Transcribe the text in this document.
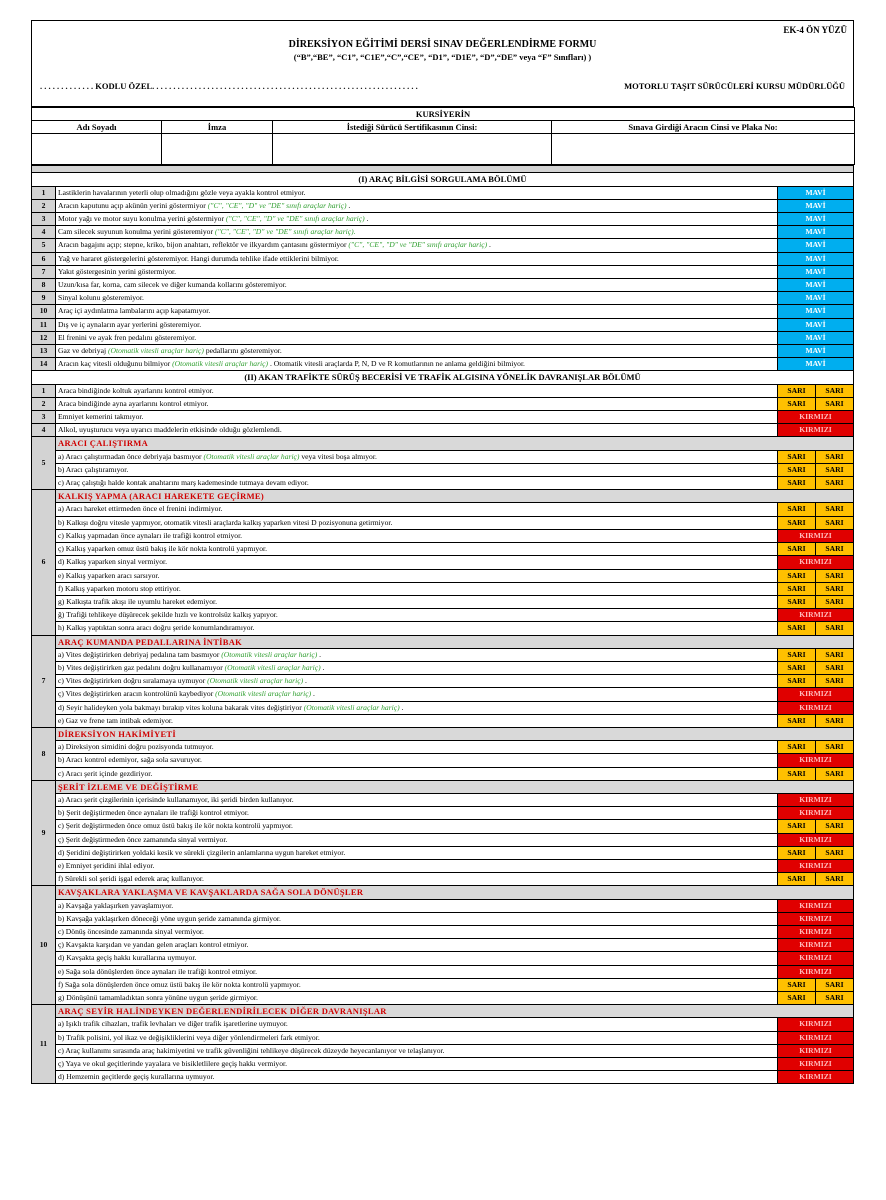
EK-4 ÖN YÜZÜ
DİREKSİYON EĞİTİMİ DERSİ SINAV DEĞERLENDİRME FORMU
(“B”,“BE”, “C1”, “C1E”,“C”,“CE”, “D1”, “D1E”, “D”,“DE” veya “F” Sınıfları) )
. . . . . . . . . . . . . KODLU ÖZEL. . . . . . . . . . . . . . . . . . . . . . . . . . . . . . . . . . . . . . . . . . . . . . . . . . . . . . . . . . . . . . .	MOTORLU TAŞIT SÜRÜCÜLERİ KURSU MÜDÜRLÜĞÜ
KURSİYERİN			
Adı Soyadı	İmza	İstediği Sürücü Sertifikasının Cinsi:	Sınava Girdiği Aracın Cinsi ve Plaka No:

(I) ARAÇ BİLGİSİ SORGULAMA BÖLÜMÜ			
1	Lastiklerin havalarının yeterli olup olmadığını gözle veya ayakla kontrol etmiyor.	MAVİ	
2	Aracın kaputunu açıp akünün yerini göstermiyor ("C", "CE", "D" ve "DE" sınıfı araçlar hariç) .	MAVİ	
3	Motor yağı ve motor suyu konulma yerini göstermiyor ("C", "CE", "D" ve "DE" sınıfı araçlar hariç) .	MAVİ	
4	Cam silecek suyunun konulma yerini gösteremiyor ("C", "CE", "D" ve "DE" sınıfı araçlar hariç).	MAVİ	
5	Aracın bagajını açıp; stepne, kriko, bijon anahtarı, reflektör ve ilkyardım çantasını göstermiyor ("C", "CE", "D" ve "DE" sınıfı araçlar hariç) .	MAVİ	
6	Yağ ve hararet göstergelerini gösteremiyor. Hangi durumda tehlike ifade ettiklerini bilmiyor.	MAVİ	
7	Yakıt göstergesinin yerini göstermiyor.	MAVİ	
8	Uzun/kısa far, korna, cam silecek ve diğer kumanda kollarını gösteremiyor.	MAVİ	
9	Sinyal kolunu gösteremiyor.	MAVİ	
10	Araç içi aydınlatma lambalarını açıp kapatamıyor.	MAVİ	
11	Dış ve iç aynaların ayar yerlerini gösteremiyor.	MAVİ	
12	El frenini ve ayak fren pedalını gösteremiyor.	MAVİ	
13	Gaz ve debriyaj (Otomatik vitesli araçlar hariç) pedallarını gösteremiyor.	MAVİ	
14	Aracın kaç vitesli olduğunu bilmiyor (Otomatik vitesli araçlar hariç) . Otomatik vitesli araçlarda P, N, D ve R komutlarının ne anlama geldiğini bilmiyor.	MAVİ	
(II) AKAN TRAFİKTE SÜRÜŞ BECERİSİ VE TRAFİK ALGISINA YÖNELİK DAVRANIŞLAR BÖLÜMÜ			
1	Araca bindiğinde koltuk ayarlarını kontrol etmiyor.	SARI	SARI
2	Araca bindiğinde ayna ayarlarını kontrol etmiyor.	SARI	SARI
3	Emniyet kemerini takmıyor.	KIRMIZI	
4	Alkol, uyuşturucu veya uyarıcı maddelerin etkisinde olduğu gözlemlendi.	KIRMIZI	
5	ARACI ÇALIŞTIRMA		
	a) Aracı çalıştırmadan önce debriyaja basmıyor (Otomatik vitesli araçlar hariç) veya vitesi boşa almıyor.	SARI	SARI
	b) Aracı çalıştıramıyor.	SARI	SARI
	c) Araç çalıştığı halde kontak anahtarını marş kademesinde tutmaya devam ediyor.	SARI	SARI
6	KALKIŞ YAPMA (ARACI HAREKETE GEÇİRME)		
	a) Aracı hareket ettirmeden önce el frenini indirmiyor.	SARI	SARI
	b) Kalkışı doğru vitesle yapmıyor, otomatik vitesli araçlarda kalkış yaparken vitesi D pozisyonuna getirmiyor.	SARI	SARI
	c) Kalkış yapmadan önce aynaları ile trafiği kontrol etmiyor.	KIRMIZI	
	ç) Kalkış yaparken omuz üstü bakış ile kör nokta kontrolü yapmıyor.	SARI	SARI
	d) Kalkış yaparken sinyal vermiyor.	KIRMIZI	
	e) Kalkış yaparken aracı sarsıyor.	SARI	SARI
	f) Kalkış yaparken motoru stop ettiriyor.	SARI	SARI
	g) Kalkışta trafik akışı ile uyumlu hareket edemiyor.	SARI	SARI
	ğ) Trafiği tehlikeye düşürecek şekilde hızlı ve kontrolsüz kalkış yapıyor.	KIRMIZI	
	h) Kalkış yaptıktan sonra aracı doğru şeride konumlandıramıyor.	SARI	SARI
7	ARAÇ KUMANDA PEDALLARINA İNTİBAK		
	a) Vites değiştirirken debriyaj pedalına tam basmıyor (Otomatik vitesli araçlar hariç) .	SARI	SARI
	b) Vites değiştirirken gaz pedalını doğru kullanamıyor (Otomatik vitesli araçlar hariç) .	SARI	SARI
	c) Vites değiştirirken doğru sıralamaya uymuyor (Otomatik vitesli araçlar hariç) .	SARI	SARI
	ç) Vites değiştirirken aracın kontrolünü kaybediyor (Otomatik vitesli araçlar hariç) .	KIRMIZI	
	d) Seyir halideyken yola bakmayı bırakıp vites koluna bakarak vites değiştiriyor (Otomatik vitesli araçlar hariç) .	KIRMIZI	
	e) Gaz ve frene tam intibak edemiyor.	SARI	SARI
8	DİREKSİYON HAKİMİYETİ		
	a) Direksiyon simidini doğru pozisyonda tutmuyor.	SARI	SARI
	b) Aracı kontrol edemiyor, sağa sola savuruyor.	KIRMIZI	
	c) Aracı şerit içinde gezdiriyor.	SARI	SARI
9	ŞERİT İZLEME VE DEĞİŞTİRME		
	a) Aracı şerit çizgilerinin içerisinde kullanamıyor, iki şeridi birden kullanıyor.	KIRMIZI	
	b) Şerit değiştirmeden önce aynaları ile trafiği kontrol etmiyor.	KIRMIZI	
	c) Şerit değiştirmeden önce omuz üstü bakış ile kör nokta kontrolü yapmıyor.	SARI	SARI
	ç) Şerit değiştirmeden önce zamanında sinyal vermiyor.	KIRMIZI	
	d) Şeridini değiştirirken yoldaki kesik ve sürekli çizgilerin anlamlarına uygun hareket etmiyor.	SARI	SARI
	e) Emniyet şeridini ihlal ediyor.	KIRMIZI	
	f) Sürekli sol şeridi işgal ederek araç kullanıyor.	SARI	SARI
10	KAVŞAKLARA YAKLAŞMA VE KAVŞAKLARDA SAĞA SOLA DÖNÜŞLER		
	a) Kavşağa yaklaşırken yavaşlamıyor.	KIRMIZI	
	b) Kavşağa yaklaşırken döneceği yöne uygun şeride zamanında girmiyor.	KIRMIZI	
	c) Dönüş öncesinde zamanında sinyal vermiyor.	KIRMIZI	
	ç) Kavşakta karşıdan ve yandan gelen araçları kontrol etmiyor.	KIRMIZI	
	d) Kavşakta geçiş hakkı kurallarına uymuyor.	KIRMIZI	
	e) Sağa sola dönüşlerden önce aynaları ile trafiği kontrol etmiyor.	KIRMIZI	
	f) Sağa sola dönüşlerden önce omuz üstü bakış ile kör nokta kontrolü yapmıyor.	SARI	SARI
	g) Dönüşünü tamamladıktan sonra yönüne uygun şeride girmiyor.	SARI	SARI
11	ARAÇ SEYİR HALİNDEYKEN DEĞERLENDİRİLECEK DİĞER DAVRANIŞLAR		
	a) Işıklı trafik cihazları, trafik levhaları ve diğer trafik işaretlerine uymuyor.	KIRMIZI	
	b) Trafik polisini, yol ikaz ve değişikliklerini veya diğer yönlendirmeleri fark etmiyor.	KIRMIZI	
	c) Araç kullanımı sırasında araç hakimiyetini ve trafik güvenliğini tehlikeye düşürecek düzeyde heyecanlanıyor ve telaşlanıyor.	KIRMIZI	
	ç) Yaya ve okul geçitlerinde yayalara ve bisikletlilere geçiş hakkı vermiyor.	KIRMIZI	
	d) Hemzemin geçitlerde geçiş kurallarına uymuyor.	KIRMIZI	
